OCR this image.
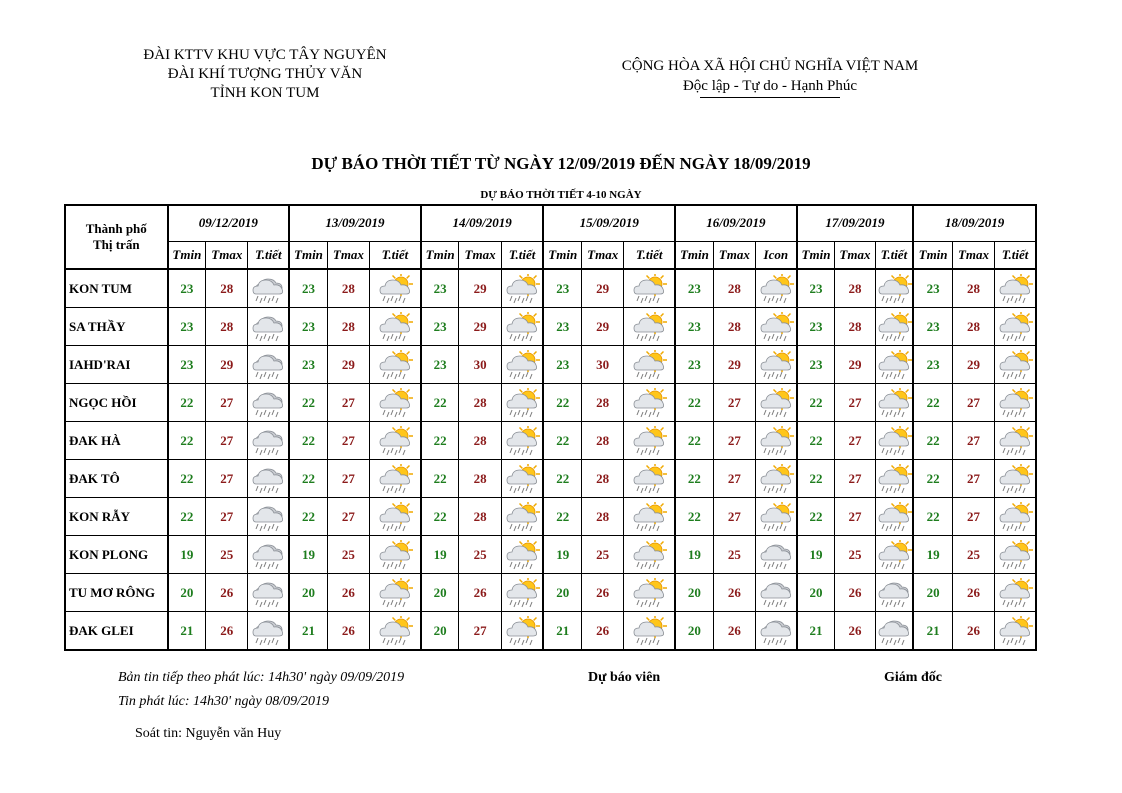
ĐÀI KTTV KHU VỰC TÂY NGUYÊN
ĐÀI KHÍ TƯỢNG THỦY VĂN
TỈNH KON TUM
CỘNG HÒA XÃ HỘI CHỦ NGHĨA VIỆT NAM
Độc lập - Tự do - Hạnh Phúc
DỰ BÁO THỜI TIẾT TỪ NGÀY 12/09/2019 ĐẾN NGÀY 18/09/2019
DỰ BÁO THỜI TIẾT 4-10 NGÀY
Thành phố
Thị trấn	09/12/2019			13/09/2019			14/09/2019			15/09/2019			16/09/2019			17/09/2019			18/09/2019		
	Tmin	Tmax	T.tiết	Tmin	Tmax	T.tiết	Tmin	Tmax	T.tiết	Tmin	Tmax	T.tiết	Tmin	Tmax	Icon	Tmin	Tmax	T.tiết	Tmin	Tmax	T.tiết
KON TUM	23	28		23	28		23	29		23	29		23	28		23	28		23	28	

SA THẦY	23	28		23	28		23	29		23	29		23	28		23	28		23	28	

IAHD'RAI	23	29		23	29		23	30		23	30		23	29		23	29		23	29	

NGỌC HỒI	22	27		22	27		22	28		22	28		22	27		22	27		22	27	

ĐAK HÀ	22	27		22	27		22	28		22	28		22	27		22	27		22	27	

ĐAK TÔ	22	27		22	27		22	28		22	28		22	27		22	27		22	27	

KON RẪY	22	27		22	27		22	28		22	28		22	27		22	27		22	27	

KON PLONG	19	25		19	25		19	25		19	25		19	25		19	25		19	25	

TU MƠ RÔNG	20	26		20	26		20	26		20	26		20	26		20	26		20	26	

ĐAK GLEI	21	26		21	26		20	27		21	26		20	26		21	26		21	26	
Bản tin tiếp theo phát lúc: 14h30' ngày 09/09/2019
Tin phát lúc: 14h30' ngày 08/09/2019
Soát tin: Nguyễn văn Huy
Dự báo viên	Giám đốc
